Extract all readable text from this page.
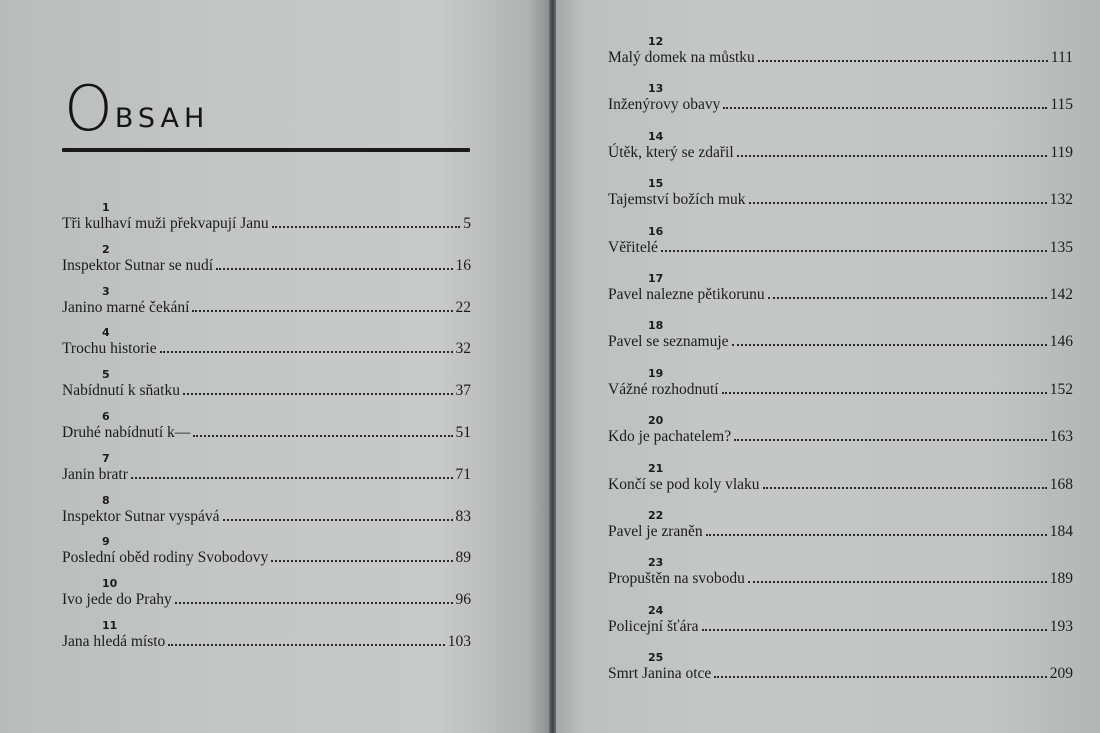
O BSAH
1
Tři kulhaví muži překvapují Janu	5
2
Inspektor Sutnar se nudí	16
3
Janino marné čekání	22
4
Trochu historie	32
5
Nabídnutí k sňatku	37
6
Druhé nabídnutí k—	51
7
Janin bratr	71
8
Inspektor Sutnar vyspává	83
9
Poslední oběd rodiny Svobodovy	89
10
Ivo jede do Prahy	96
11
Jana hledá místo	103
12
Malý domek na můstku	111
13
Inženýrovy obavy	115
14
Útěk, který se zdařil	119
15
Tajemství božích muk	132
16
Věřitelé	135
17
Pavel nalezne pětikorunu	142
18
Pavel se seznamuje	146
19
Vážné rozhodnutí	152
20
Kdo je pachatelem?	163
21
Končí se pod koly vlaku	168
22
Pavel je zraněn	184
23
Propuštěn na svobodu	189
24
Policejní šťára	193
25
Smrt Janina otce	209
